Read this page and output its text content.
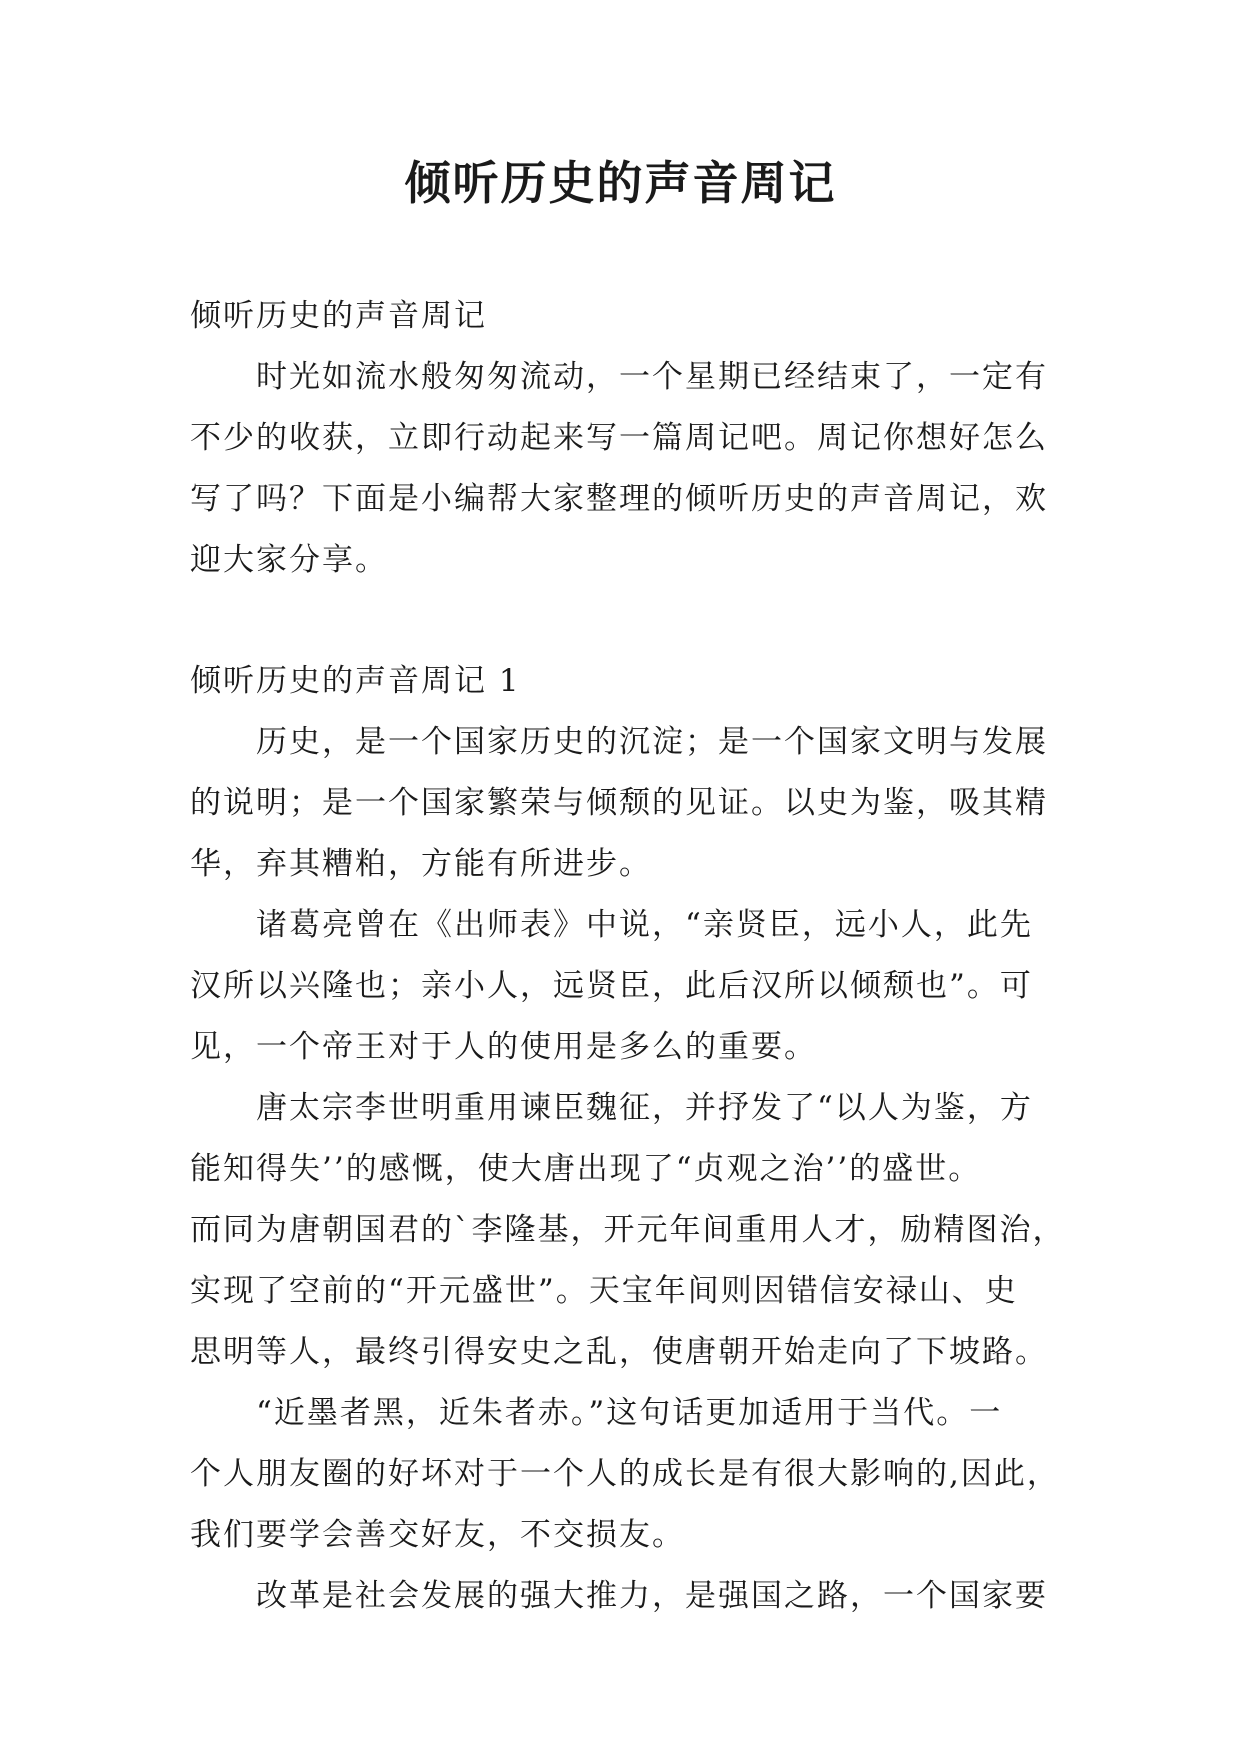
倾听历史的声音周记
倾听历史的声音周记
　　时光如流水般匆匆流动，一个星期已经结束了，一定有
不少的收获，立即行动起来写一篇周记吧。周记你想好怎么
写了吗？下面是小编帮大家整理的倾听历史的声音周记，欢
迎大家分享。
倾听历史的声音周记 1
　　历史，是一个国家历史的沉淀；是一个国家文明与发展
的说明；是一个国家繁荣与倾颓的见证。以史为鉴，吸其精
华，弃其糟粕，方能有所进步。
　　诸葛亮曾在《出师表》中说，“亲贤臣，远小人，此先
汉所以兴隆也；亲小人，远贤臣，此后汉所以倾颓也”。可
见，一个帝王对于人的使用是多么的重要。
　　唐太宗李世明重用谏臣魏征，并抒发了“以人为鉴，方
能知得失’’的感慨，使大唐出现了“贞观之治’’的盛世。
而同为唐朝国君的`李隆基，开元年间重用人才，励精图治，
实现了空前的“开元盛世”。天宝年间则因错信安禄山、史
思明等人，最终引得安史之乱，使唐朝开始走向了下坡路。
　　“近墨者黑，近朱者赤。”这句话更加适用于当代。一
个人朋友圈的好坏对于一个人的成长是有很大影响的,因此，
我们要学会善交好友，不交损友。
　　改革是社会发展的强大推力，是强国之路，一个国家要
